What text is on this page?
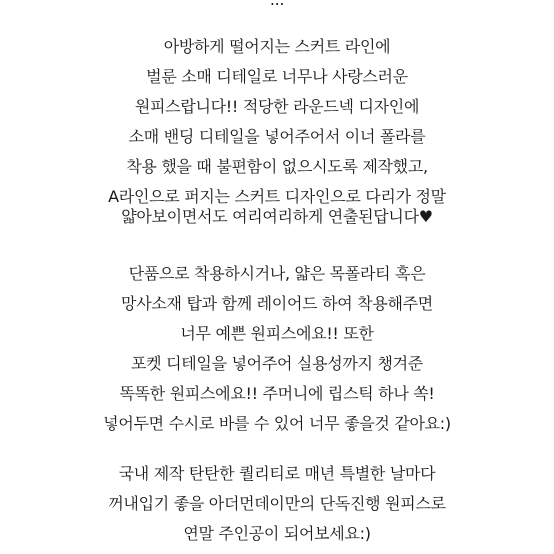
아방하게 떨어지는 스커트 라인에
벌룬 소매 디테일로 너무나 사랑스러운
원피스랍니다!! 적당한 라운드넥 디자인에
소매 밴딩 디테일을 넣어주어서 이너 폴라를
착용 했을 때 불편함이 없으시도록 제작했고,
A라인으로 퍼지는 스커트 디자인으로 다리가 정말
얇아보이면서도 여리여리하게 연출된답니다♥
단품으로 착용하시거나, 얇은 목폴라티 혹은
망사소재 탑과 함께 레이어드 하여 착용해주면
너무 예쁜 원피스에요!! 또한
포켓 디테일을 넣어주어 실용성까지 챙겨준
똑똑한 원피스에요!! 주머니에 립스틱 하나 쏙!
넣어두면 수시로 바를 수 있어 너무 좋을것 같아요:)
국내 제작 탄탄한 퀄리티로 매년 특별한 날마다
꺼내입기 좋을 아더먼데이만의 단독진행 원피스로
연말 주인공이 되어보세요:)
